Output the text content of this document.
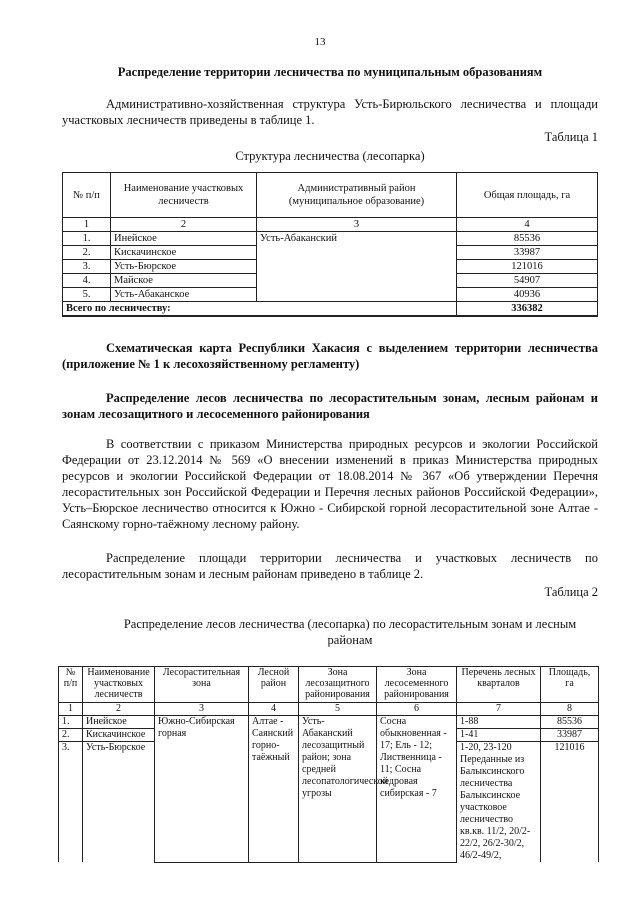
13
Распределение территории лесничества по муниципальным образованиям
Административно-хозяйственная структура Усть-Бирюльского лесничества и площади участковых лесничеств приведены в таблице 1.
Таблица 1
Структура лесничества (лесопарка)
№ п/п	Наименование участковых лесничеств	Административный район (муниципальное образование)	Общая площадь, га
1	2	3	4
1.	Инейское	Усть-Абаканский	85536
2.	Кискачинское		33987
3.	Усть-Бюрское		121016
4.	Майское		54907
5.	Усть-Абаканское		40936
Всего по лесничеству:			336382
Схематическая карта Республики Хакасия с выделением территории лесничества (приложение № 1 к лесохозяйственному регламенту)
Распределение лесов лесничества по лесорастительным зонам, лесным районам и зонам лесозащитного и лесосеменного районирования
В соответствии с приказом Министерства природных ресурсов и экологии Российской Федерации от 23.12.2014 № 569 «О внесении изменений в приказ Министерства природных ресурсов и экологии Российской Федерации от 18.08.2014 № 367 «Об утверждении Перечня лесорастительных зон Российской Федерации и Перечня лесных районов Российской Федерации», Усть–Бюрское лесничество относится к Южно - Сибирской горной лесорастительной зоне Алтае - Саянскому горно-таёжному лесному району.
Распределение площади территории лесничества и участковых лесничеств по лесорастительным зонам и лесным районам приведено в таблице 2.
Таблица 2
Распределение лесов лесничества (лесопарка) по лесорастительным зонам и лесным районам
№ п/п	Наименование участковых лесничеств	Лесорастительная зона	Лесной район	Зона лесозащитного районирования	Зона лесосеменного районирования	Перечень лесных кварталов	Площадь, га
1	2	3	4	5	6	7	8
1.	Инейское	Южно-Сибирская горная	Алтае - Саянский горно-таёжный	Усть-Абаканский лесозащитный район; зона средней лесопатологической угрозы	Сосна обыкновенная - 17; Ель - 12; Лиственница - 11; Сосна кедровая сибирская - 7	1-88	85536
2.	Кискачинское					1-41	33987
3.	Усть-Бюрское					1-20, 23-120 Переданные из Балыксинского лесничества Балыксинское участковое лесничество кв.кв. 11/2, 20/2-22/2, 26/2-30/2, 46/2-49/2,	121016
